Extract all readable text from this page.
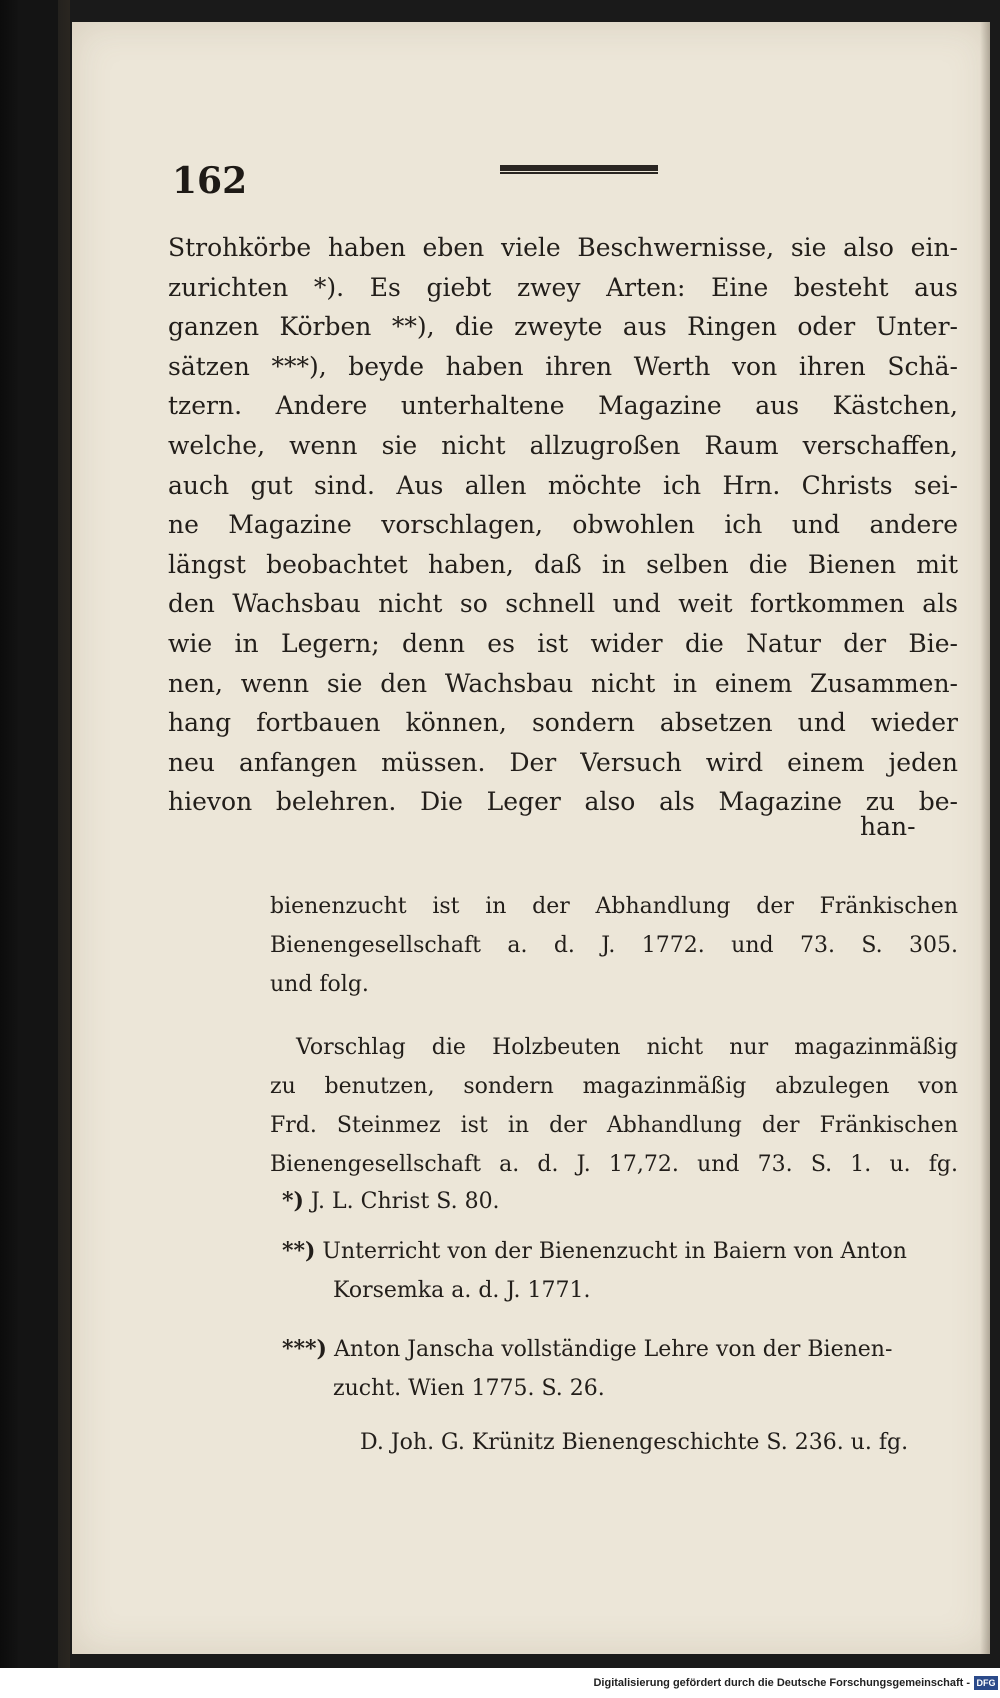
162
Strohkörbe haben eben viele Beschwernisse, sie also ein-
zurichten *). Es giebt zwey Arten: Eine besteht aus
ganzen Körben **), die zweyte aus Ringen oder Unter-
sätzen ***), beyde haben ihren Werth von ihren Schä-
tzern. Andere unterhaltene Magazine aus Kästchen,
welche, wenn sie nicht allzugroßen Raum verschaffen,
auch gut sind. Aus allen möchte ich Hrn. Christs sei-
ne Magazine vorschlagen, obwohlen ich und andere
längst beobachtet haben, daß in selben die Bienen mit
den Wachsbau nicht so schnell und weit fortkommen als
wie in Legern; denn es ist wider die Natur der Bie-
nen, wenn sie den Wachsbau nicht in einem Zusammen-
hang fortbauen können, sondern absetzen und wieder
neu anfangen müssen. Der Versuch wird einem jeden
hievon belehren. Die Leger also als Magazine zu be-
han-
bienenzucht ist in der Abhandlung der Fränkischen
Bienengesellschaft a. d. J. 1772. und 73. S. 305.
und folg.
Vorschlag die Holzbeuten nicht nur magazinmäßig
zu benutzen, sondern magazinmäßig abzulegen von
Frd. Steinmez ist in der Abhandlung der Fränkischen
Bienengesellschaft a. d. J. 17,72. und 73. S. 1. u. fg.
*) J. L. Christ S. 80.
**) Unterricht von der Bienenzucht in Baiern von Anton
Korsemka a. d. J. 1771.
***) Anton Janscha vollständige Lehre von der Bienen-
zucht. Wien 1775. S. 26.
D. Joh. G. Krünitz Bienengeschichte S. 236. u. fg.
Digitalisierung gefördert durch die Deutsche Forschungsgemeinschaft - DFG
